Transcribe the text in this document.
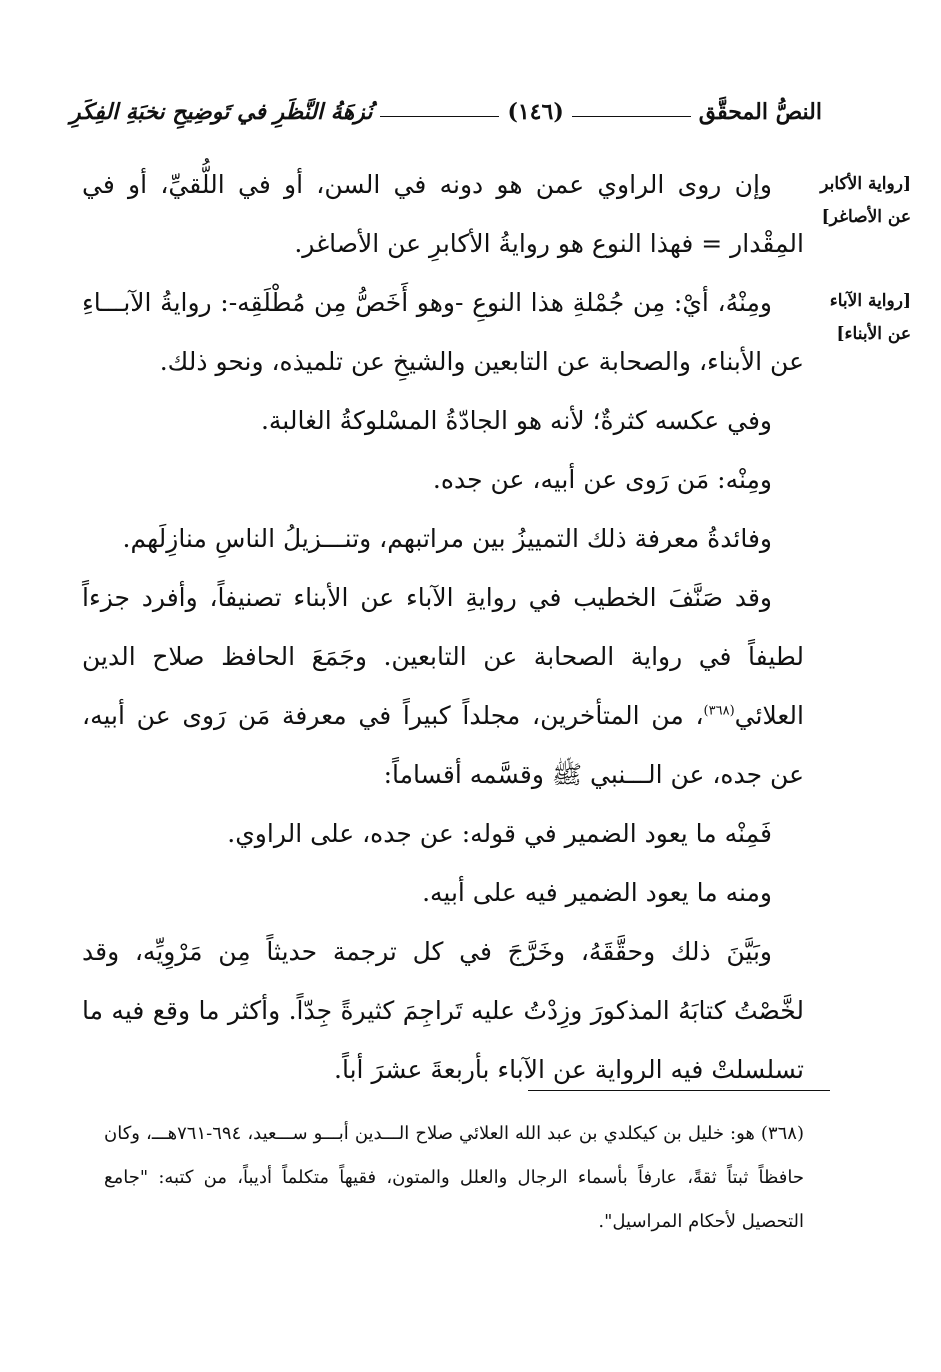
النصُّ المحقَّق
(١٤٦)
نُزهَةُ النَّظَرِ في تَوضِيحِ نخبَةِ الفِكَرِ
[رواية الأكابر عن الأصاغر]
[رواية الآباء عن الأبناء]

وإن روى الراوي عمن هو دونه في السن، أو في اللُّقيِّ، أو في المِقْدار = فهذا النوع هو روايةُ الأكابرِ عن الأصاغر.

ومِنْهُ، أيْ: مِن جُمْلةِ هذا النوعِ -وهو أَخَصُّ مِن مُطْلَقِه-: روايةُ الآبـــاءِ عن الأبناء، والصحابة عن التابعين والشيخِ عن تلميذه، ونحو ذلك.

وفي عكسه كثرةٌ؛ لأنه هو الجادّةُ المسْلوكةُ الغالبة.

ومِنْه: مَن رَوى عن أبيه، عن جده.

وفائدةُ معرفة ذلك التمييزُ بين مراتبهم، وتنـــزيلُ الناسِ منازِلَهم.

وقد صَنَّفَ الخطيب في روايةِ الآباء عن الأبناء تصنيفاً، وأفرد جزءاً لطيفاً في رواية الصحابة عن التابعين. وجَمَعَ الحافظ صلاح الدين العلائي$^{(٣٦٨)}$، من المتأخرين، مجلداً كبيراً في معرفة مَن رَوى عن أبيه، عن جده، عن الـــنبي ﷺ وقسَّمه أقساماً:

فَمِنْه ما يعود الضمير في قوله: عن جده، على الراوي.

ومنه ما يعود الضمير فيه على أبيه.

وبَيَّنَ ذلك وحقَّقَهُ، وخَرَّجَ في كل ترجمة حديثاً مِن مَرْوِيِّه، وقد لخَّصْتُ كتابَهُ المذكورَ وزِدْتُ عليه تَراجِمَ كثيرةً جِدّاً. وأكثر ما وقع فيه ما تسلسلتْ فيه الرواية عن الآباء بأربعةَ عشرَ أباً.

(٣٦٨) هو: خليل بن كيكلدي بن عبد الله العلائي صلاح الـــدين أبـــو ســـعيد، ٦٩٤-٧٦١هـــ، وكان حافظاً ثبتاً ثقةً، عارفاً بأسماء الرجال والعلل والمتون، فقيهاً متكلماً أديباً، من كتبه: "جامع التحصيل لأحكام المراسيل".
